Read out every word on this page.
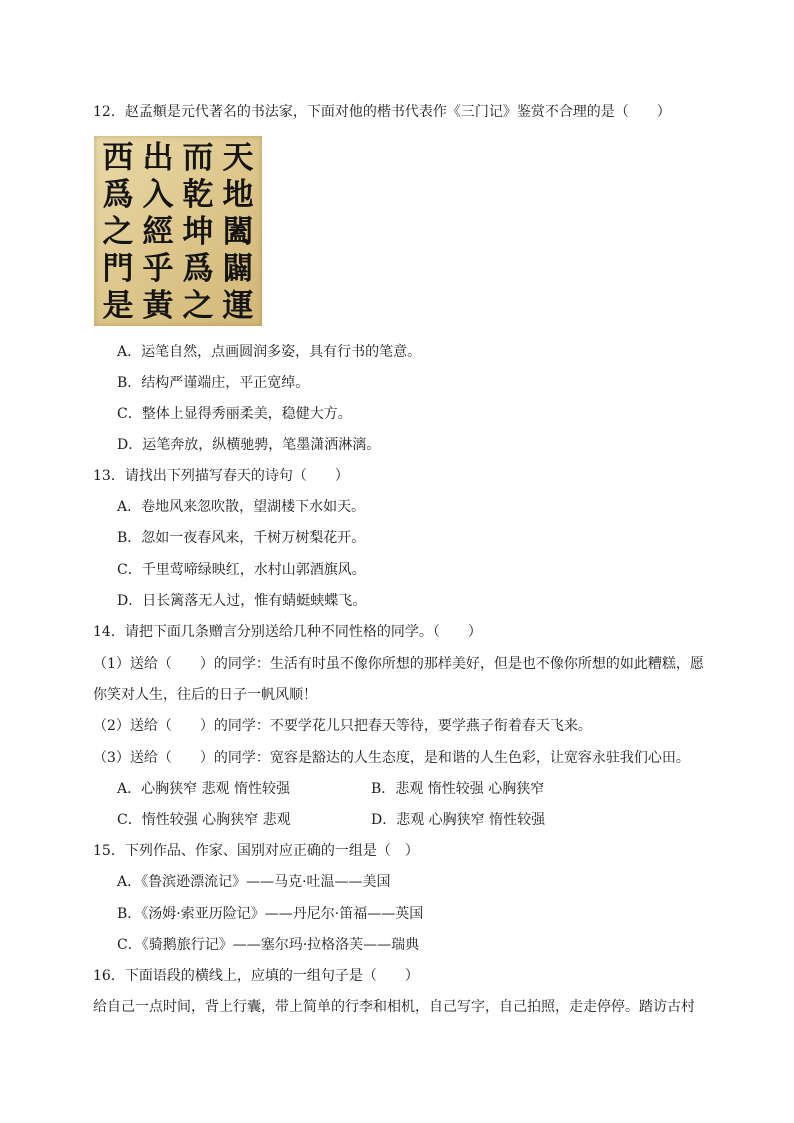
12．赵孟頫是元代著名的书法家，下面对他的楷书代表作《三门记》鉴赏不合理的是（　　）
天
地
闔
闢
運
而
乾
坤
爲
之
出
入
經
乎
黃
西
爲
之
門
是
A．运笔自然，点画圆润多姿，具有行书的笔意。
B．结构严谨端庄，平正宽绰。
C．整体上显得秀丽柔美，稳健大方。
D．运笔奔放，纵横驰骋，笔墨潇洒淋漓。
13．请找出下列描写春天的诗句（　　）
A．卷地风来忽吹散，望湖楼下水如天。
B．忽如一夜春风来，千树万树梨花开。
C．千里莺啼绿映红，水村山郭酒旗风。
D．日长篱落无人过，惟有蜻蜓蛱蝶飞。
14．请把下面几条赠言分别送给几种不同性格的同学。（　　）
（1）送给（　　）的同学：生活有时虽不像你所想的那样美好，但是也不像你所想的如此糟糕，愿
你笑对人生，往后的日子一帆风顺！
（2）送给（　　）的同学：不要学花儿只把春天等待，要学燕子衔着春天飞来。
（3）送给（　　）的同学：宽容是豁达的人生态度，是和谐的人生色彩，让宽容永驻我们心田。
A．心胸狭窄 悲观 惰性较强	B．悲观 惰性较强 心胸狭窄
C．惰性较强 心胸狭窄 悲观	D．悲观 心胸狭窄 惰性较强
15．下列作品、作家、国别对应正确的一组是（　）
A．《鲁滨逊漂流记》——马克·吐温——美国
B．《汤姆·索亚历险记》——丹尼尔·笛福——英国
C．《骑鹅旅行记》——塞尔玛·拉格洛芙——瑞典
16．下面语段的横线上，应填的一组句子是（　　）
给自己一点时间，背上行囊，带上简单的行李和相机，自己写字，自己拍照，走走停停。踏访古村
